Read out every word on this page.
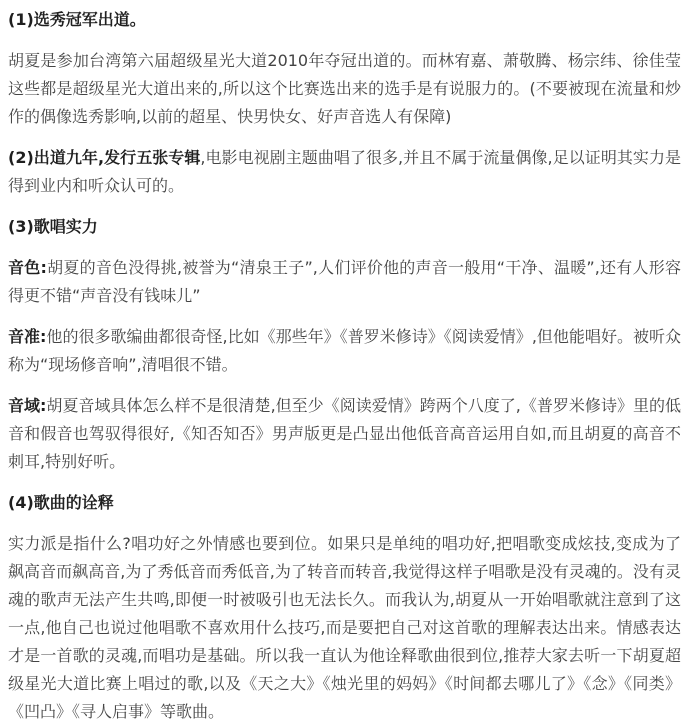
(1)选秀冠军出道。

胡夏是参加台湾第六届超级星光大道2010年夺冠出道的。而林宥嘉、萧敬腾、杨宗纬、徐佳莹这些都是超级星光大道出来的,所以这个比赛选出来的选手是有说服力的。(不要被现在流量和炒作的偶像选秀影响,以前的超星、快男快女、好声音选人有保障)

(2)出道九年,发行五张专辑,电影电视剧主题曲唱了很多,并且不属于流量偶像,足以证明其实力是得到业内和听众认可的。

(3)歌唱实力

音色:胡夏的音色没得挑,被誉为“清泉王子”,人们评价他的声音一般用“干净、温暖”,还有人形容得更不错“声音没有钱味儿”

音准:他的很多歌编曲都很奇怪,比如《那些年》《普罗米修诗》《阅读爱情》,但他能唱好。被听众称为“现场修音响”,清唱很不错。

音域:胡夏音域具体怎么样不是很清楚,但至少《阅读爱情》跨两个八度了,《普罗米修诗》里的低音和假音也驾驭得很好,《知否知否》男声版更是凸显出他低音高音运用自如,而且胡夏的高音不刺耳,特别好听。

(4)歌曲的诠释

实力派是指什么?唱功好之外情感也要到位。如果只是单纯的唱功好,把唱歌变成炫技,变成为了飙高音而飙高音,为了秀低音而秀低音,为了转音而转音,我觉得这样子唱歌是没有灵魂的。没有灵魂的歌声无法产生共鸣,即便一时被吸引也无法长久。而我认为,胡夏从一开始唱歌就注意到了这一点,他自己也说过他唱歌不喜欢用什么技巧,而是要把自己对这首歌的理解表达出来。情感表达才是一首歌的灵魂,而唱功是基础。所以我一直认为他诠释歌曲很到位,推荐大家去听一下胡夏超级星光大道比赛上唱过的歌,以及《天之大》《烛光里的妈妈》《时间都去哪儿了》《念》《同类》《凹凸》《寻人启事》等歌曲。
